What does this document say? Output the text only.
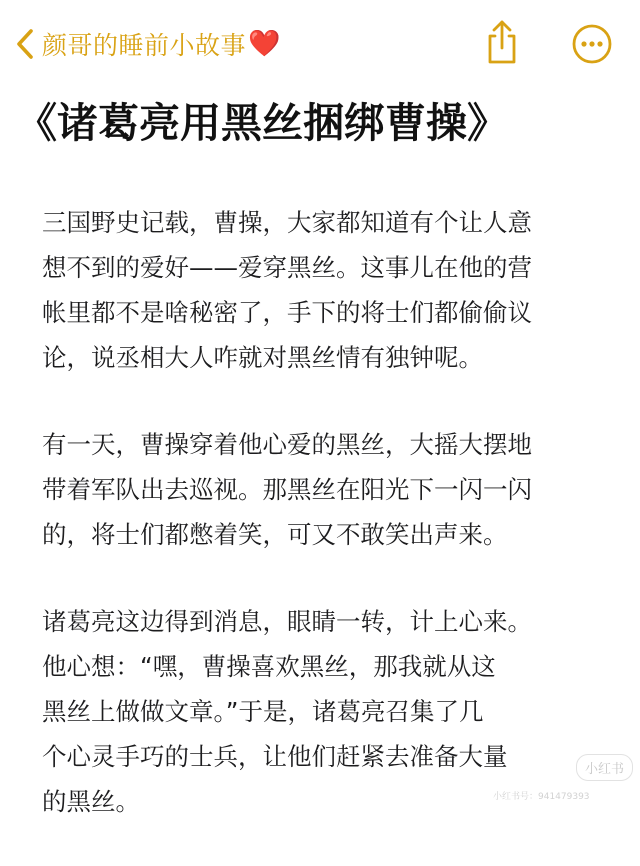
颜哥的睡前小故事 ❤️
《诸葛亮用黑丝捆绑曹操》

三国野史记载，曹操，大家都知道有个让人意
想不到的爱好——爱穿黑丝。这事儿在他的营
帐里都不是啥秘密了，手下的将士们都偷偷议
论，说丞相大人咋就对黑丝情有独钟呢。

有一天，曹操穿着他心爱的黑丝，大摇大摆地
带着军队出去巡视。那黑丝在阳光下一闪一闪
的，将士们都憋着笑，可又不敢笑出声来。

诸葛亮这边得到消息，眼睛一转，计上心来。
他心想：“嘿，曹操喜欢黑丝，那我就从这
黑丝上做做文章。”于是，诸葛亮召集了几
个心灵手巧的士兵，让他们赶紧去准备大量
的黑丝。

小红书
小红书号：941479393
